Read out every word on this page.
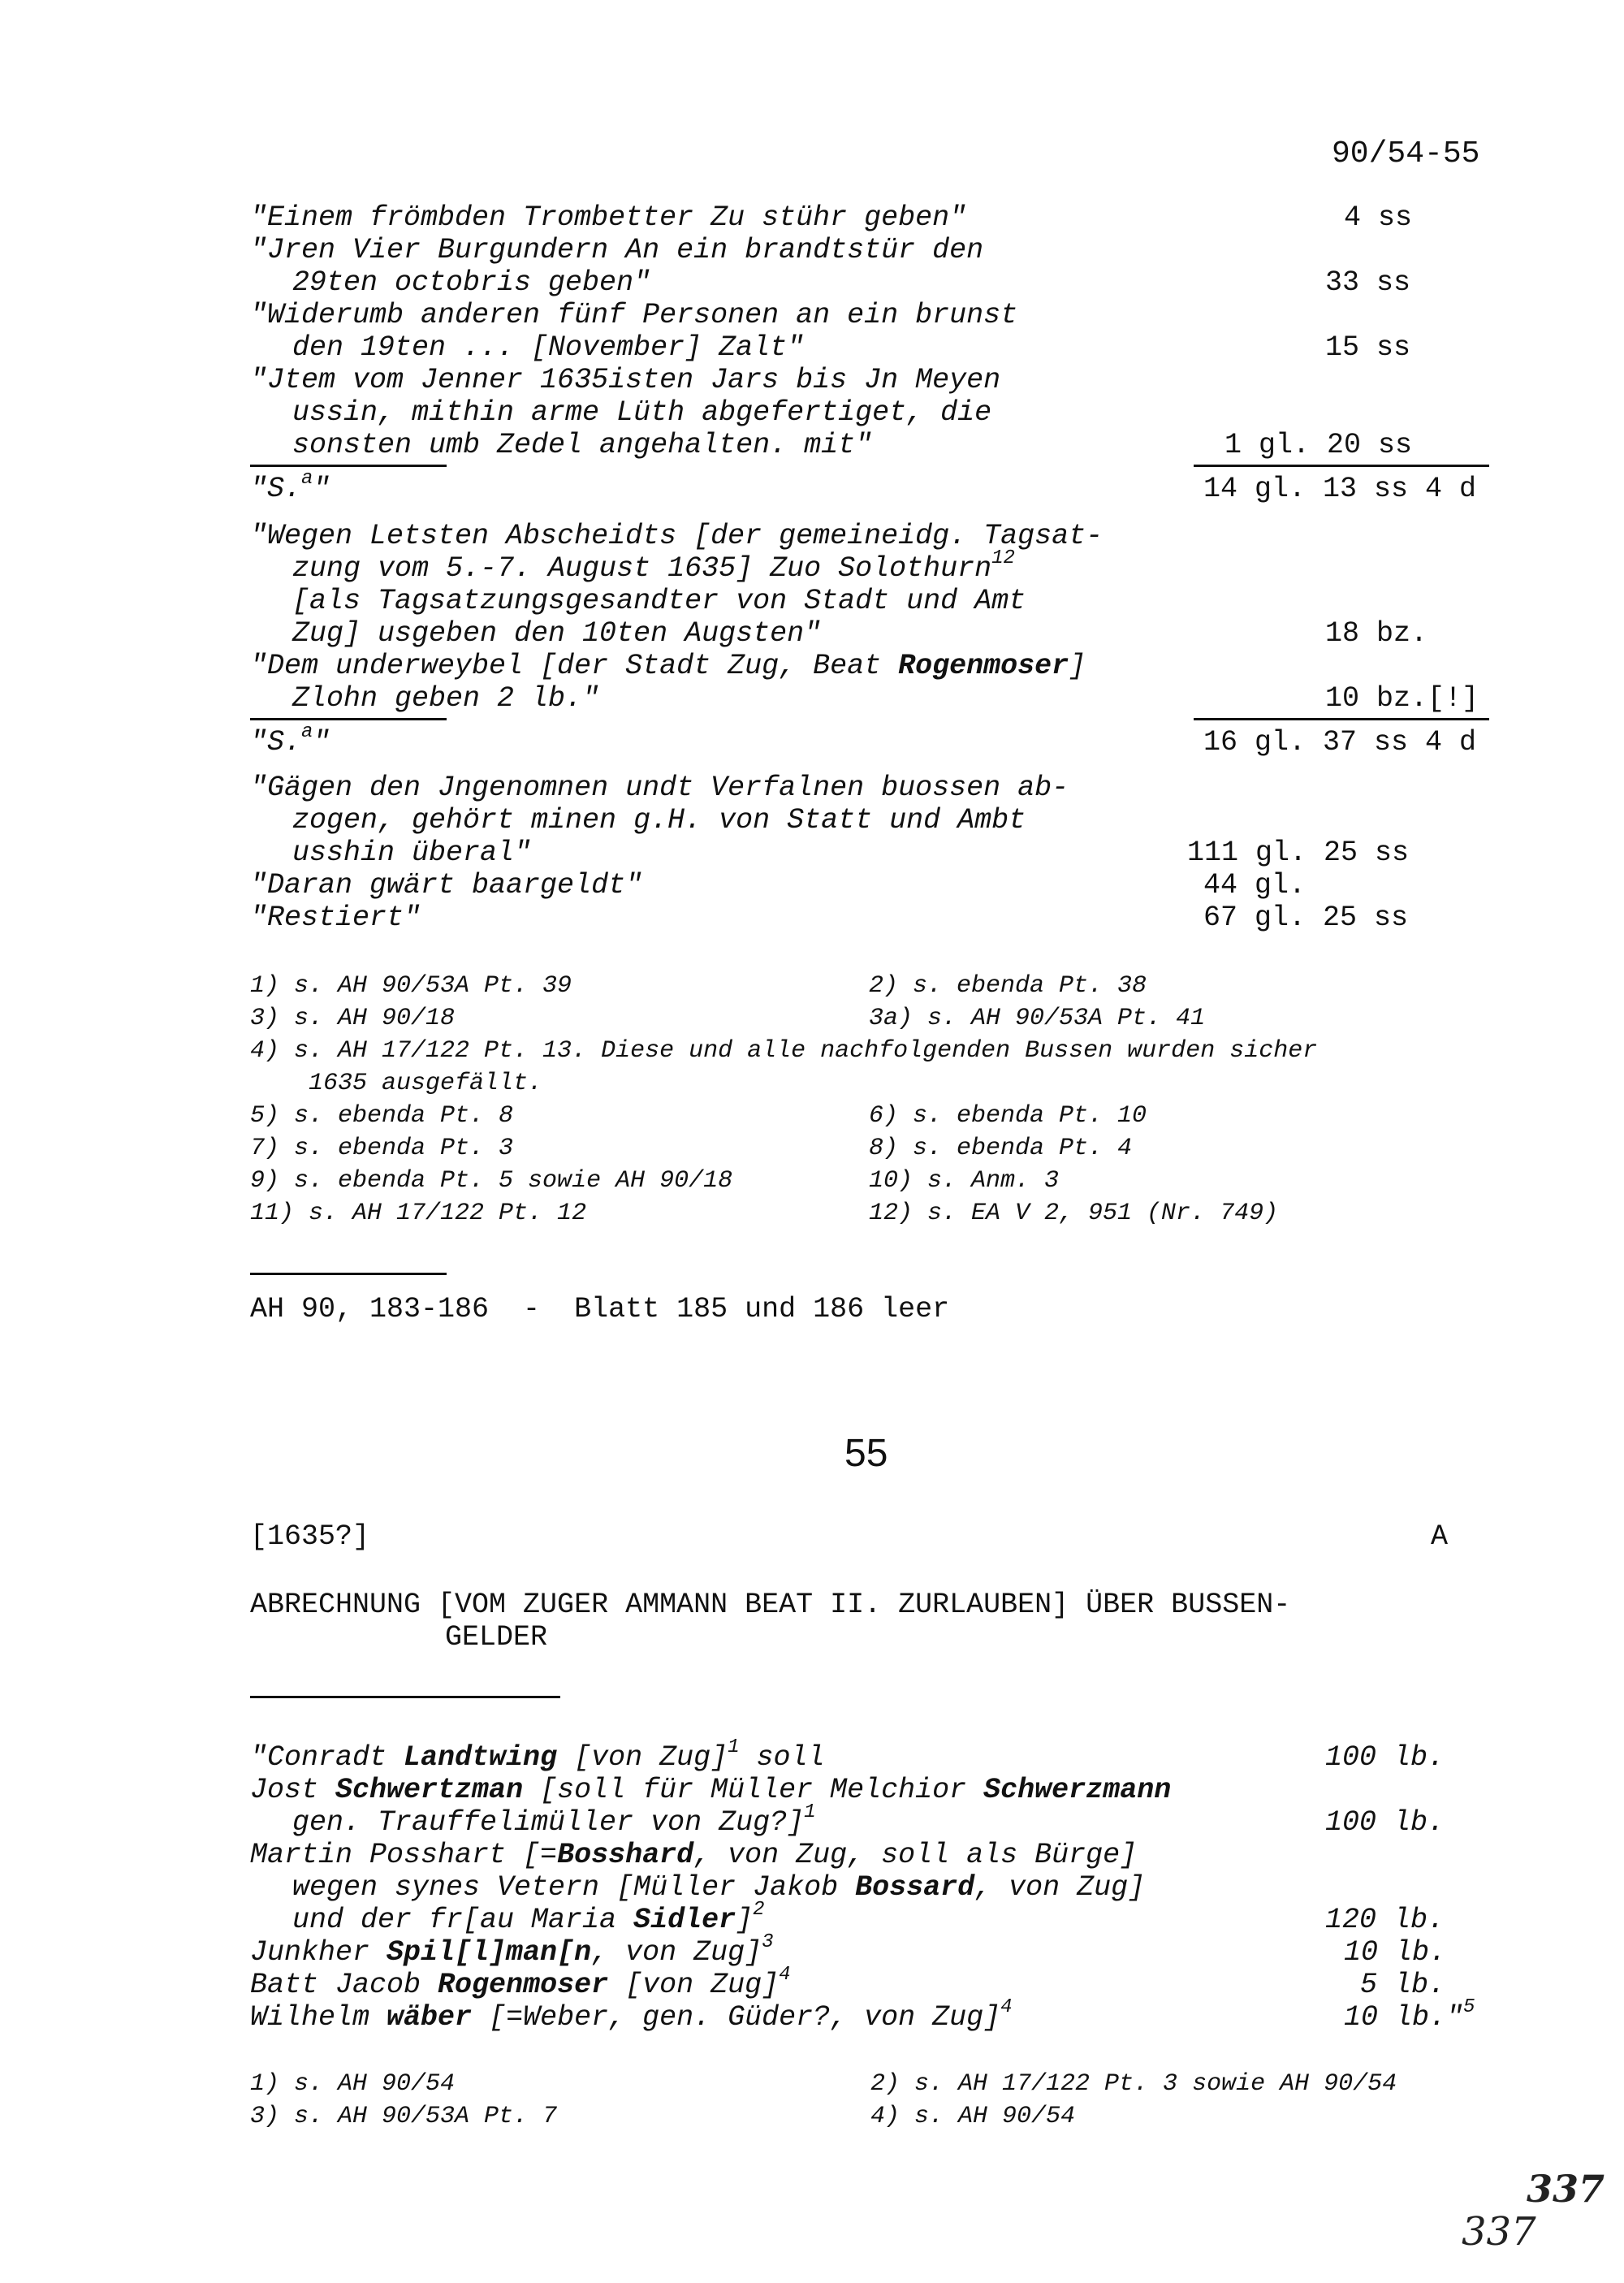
90/54-55
"Einem frömbden Trombetter Zu stühr geben"	4 ss
"Jren Vier Burgundern An ein brandtstür den
29ten octobris geben"	33 ss
"Widerumb anderen fünf Personen an ein brunst
den 19ten ... [November] Zalt"	15 ss
"Jtem vom Jenner 1635isten Jars bis Jn Meyen
ussin, mithin arme Lüth abgefertiget, die
sonsten umb Zedel angehalten. mit"	1 gl. 20 ss
"S.$^a$"	14 gl. 13 ss 4 d
"Wegen Letsten Abscheidts [der gemeineidg. Tagsat-
zung vom 5.-7. August 1635] Zuo Solothurn$^{12}$
[als Tagsatzungsgesandter von Stadt und Amt
Zug] usgeben den 10ten Augsten"	18 bz.
"Dem underweybel [der Stadt Zug, Beat Rogenmoser]
Zlohn geben 2 lb."	10 bz.[!]
"S.$^a$"	16 gl. 37 ss 4 d
"Gägen den Jngenomnen undt Verfalnen buossen ab-
zogen, gehört minen g.H. von Statt und Ambt
usshin überal"	111 gl. 25 ss
"Daran gwärt baargeldt"	44 gl.
"Restiert"	67 gl. 25 ss
1) s. AH 90/53A Pt. 39	2) s. ebenda Pt. 38
3) s. AH 90/18	3a) s. AH 90/53A Pt. 41
4) s. AH 17/122 Pt. 13. Diese und alle nachfolgenden Bussen wurden sicher
1635 ausgefällt.
5) s. ebenda Pt. 8	6) s. ebenda Pt. 10
7) s. ebenda Pt. 3	8) s. ebenda Pt. 4
9) s. ebenda Pt. 5 sowie AH 90/18	10) s. Anm. 3
11) s. AH 17/122 Pt. 12	12) s. EA V 2, 951 (Nr. 749)
AH 90, 183-186  -  Blatt 185 und 186 leer
55
[1635?]	A
ABRECHNUNG [VOM ZUGER AMMANN BEAT II. ZURLAUBEN] ÜBER BUSSEN-
GELDER
"Conradt Landtwing [von Zug]$^1$ soll	100 lb.
Jost Schwertzman [soll für Müller Melchior Schwerzmann
gen. Trauffelimüller von Zug?]$^1$	100 lb.
Martin Posshart [=Bosshard, von Zug, soll als Bürge]
wegen synes Vetern [Müller Jakob Bossard, von Zug]
und der fr[au Maria Sidler]$^2$	120 lb.
Junkher Spil[l]man[n, von Zug]$^3$	10 lb.
Batt Jacob Rogenmoser [von Zug]$^4$	5 lb.
Wilhelm wäber [=Weber, gen. Güder?, von Zug]$^4$	10 lb."$^5$
1) s. AH 90/54	2) s. AH 17/122 Pt. 3 sowie AH 90/54
3) s. AH 90/53A Pt. 7	4) s. AH 90/54
337
337
